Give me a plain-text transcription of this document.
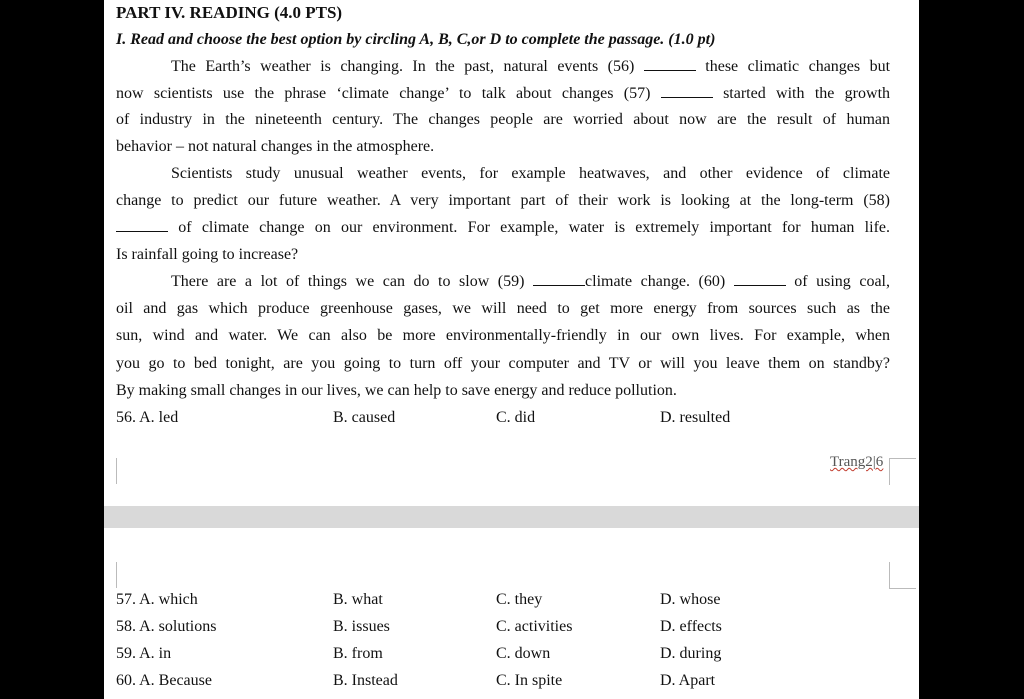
PART IV. READING (4.0 PTS)
I. Read and choose the best option by circling A, B, C,or D to complete the passage. (1.0 pt)
The Earth’s weather is changing. In the past, natural events (56)	these climatic changes but
now scientists use the phrase ‘climate change’ to talk about changes (57)	started with the growth
of industry in the nineteenth century. The changes people are worried about now are the result of human
behavior – not natural changes in the atmosphere.
Scientists study unusual weather events, for example heatwaves, and other evidence of climate
change to predict our future weather. A very important part of their work is looking at the long-term (58)
of climate change on our environment. For example, water is extremely important for human life.
Is rainfall going to increase?
There are a lot of things we can do to slow (59)	climate change. (60)	of using coal,
oil and gas which produce greenhouse gases, we will need to get more energy from sources such as the
sun, wind and water. We can also be more environmentally-friendly in our own lives. For example, when
you go to bed tonight, are you going to turn off your computer and TV or will you leave them on standby?
By making small changes in our lives, we can help to save energy and reduce pollution.
56. A. led	B. caused	C. did	D. resulted
Trang2|6
57. A. which	B. what	C. they	D. whose
58. A. solutions	B. issues	C. activities	D. effects
59. A. in	B. from	C. down	D. during
60. A. Because	B. Instead	C. In spite	D. Apart
